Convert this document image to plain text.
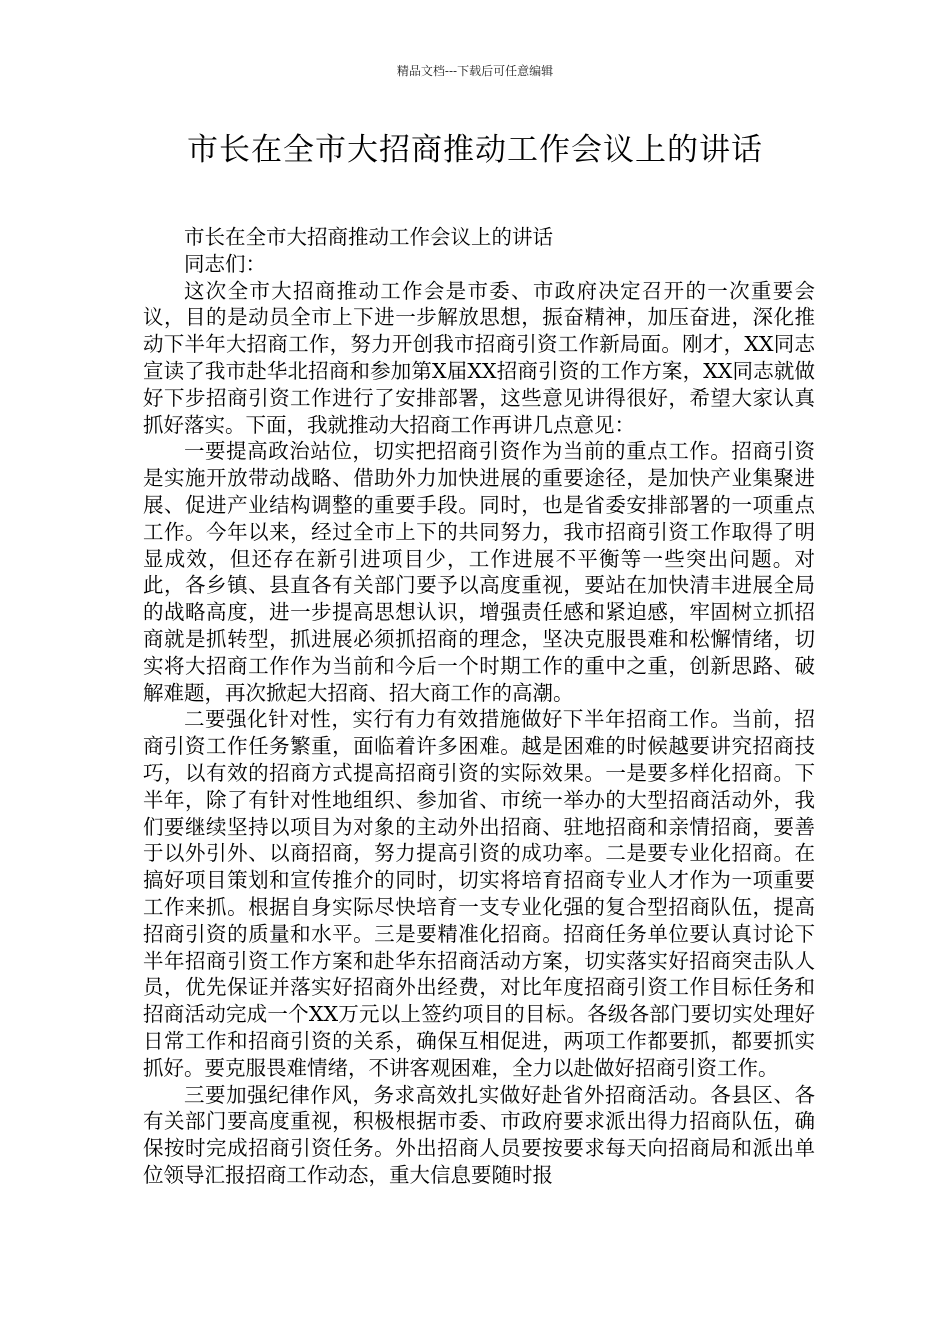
精品文档---下载后可任意编辑
市长在全市大招商推动工作会议上的讲话

市长在全市大招商推动工作会议上的讲话

同志们：

这次全市大招商推动工作会是市委、市政府决定召开的一次重要会议，目的是动员全市上下进一步解放思想，振奋精神，加压奋进，深化推动下半年大招商工作，努力开创我市招商引资工作新局面。刚才，XX同志宣读了我市赴华北招商和参加第X届XX招商引资的工作方案，XX同志就做好下步招商引资工作进行了安排部署，这些意见讲得很好，希望大家认真抓好落实。下面，我就推动大招商工作再讲几点意见：

一要提高政治站位，切实把招商引资作为当前的重点工作。招商引资是实施开放带动战略、借助外力加快进展的重要途径，是加快产业集聚进展、促进产业结构调整的重要手段。同时，也是省委安排部署的一项重点工作。今年以来，经过全市上下的共同努力，我市招商引资工作取得了明显成效，但还存在新引进项目少，工作进展不平衡等一些突出问题。对此，各乡镇、县直各有关部门要予以高度重视，要站在加快清丰进展全局的战略高度，进一步提高思想认识，增强责任感和紧迫感，牢固树立抓招商就是抓转型，抓进展必须抓招商的理念，坚决克服畏难和松懈情绪，切实将大招商工作作为当前和今后一个时期工作的重中之重，创新思路、破解难题，再次掀起大招商、招大商工作的高潮。

二要强化针对性，实行有力有效措施做好下半年招商工作。当前，招商引资工作任务繁重，面临着许多困难。越是困难的时候越要讲究招商技巧，以有效的招商方式提高招商引资的实际效果。一是要多样化招商。下半年，除了有针对性地组织、参加省、市统一举办的大型招商活动外，我们要继续坚持以项目为对象的主动外出招商、驻地招商和亲情招商，要善于以外引外、以商招商，努力提高引资的成功率。二是要专业化招商。在搞好项目策划和宣传推介的同时，切实将培育招商专业人才作为一项重要工作来抓。根据自身实际尽快培育一支专业化强的复合型招商队伍，提高招商引资的质量和水平。三是要精准化招商。招商任务单位要认真讨论下半年招商引资工作方案和赴华东招商活动方案，切实落实好招商突击队人员，优先保证并落实好招商外出经费，对比年度招商引资工作目标任务和招商活动完成一个XX万元以上签约项目的目标。各级各部门要切实处理好日常工作和招商引资的关系，确保互相促进，两项工作都要抓，都要抓实抓好。要克服畏难情绪，不讲客观困难，全力以赴做好招商引资工作。

三要加强纪律作风，务求高效扎实做好赴省外招商活动。各县区、各有关部门要高度重视，积极根据市委、市政府要求派出得力招商队伍，确保按时完成招商引资任务。外出招商人员要按要求每天向招商局和派出单位领导汇报招商工作动态，重大信息要随时报
